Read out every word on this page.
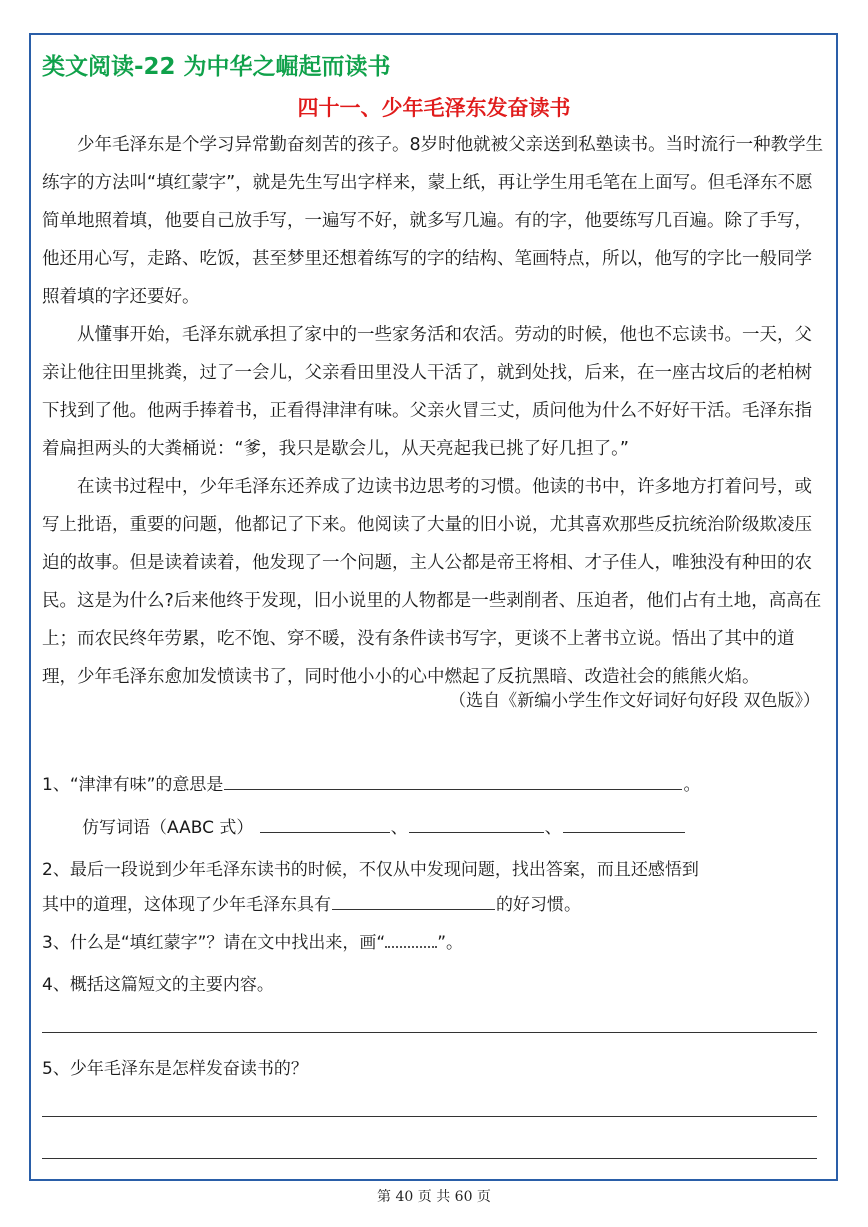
类文阅读-22 为中华之崛起而读书
四十一、少年毛泽东发奋读书

少年毛泽东是个学习异常勤奋刻苦的孩子。8岁时他就被父亲送到私塾读书。当时流行一种教学生练字的方法叫“填红蒙字”，就是先生写出字样来，蒙上纸，再让学生用毛笔在上面写。但毛泽东不愿简单地照着填，他要自己放手写，一遍写不好，就多写几遍。有的字，他要练写几百遍。除了手写，他还用心写，走路、吃饭，甚至梦里还想着练写的字的结构、笔画特点，所以，他写的字比一般同学照着填的字还要好。

从懂事开始，毛泽东就承担了家中的一些家务活和农活。劳动的时候，他也不忘读书。一天，父亲让他往田里挑粪，过了一会儿，父亲看田里没人干活了，就到处找，后来，在一座古坟后的老柏树下找到了他。他两手捧着书，正看得津津有味。父亲火冒三丈，质问他为什么不好好干活。毛泽东指着扁担两头的大粪桶说：“爹，我只是歇会儿，从天亮起我已挑了好几担了。”

在读书过程中，少年毛泽东还养成了边读书边思考的习惯。他读的书中，许多地方打着问号，或写上批语，重要的问题，他都记了下来。他阅读了大量的旧小说，尤其喜欢那些反抗统治阶级欺凌压迫的故事。但是读着读着，他发现了一个问题，主人公都是帝王将相、才子佳人，唯独没有种田的农民。这是为什么?后来他终于发现，旧小说里的人物都是一些剥削者、压迫者，他们占有土地，高高在上；而农民终年劳累，吃不饱、穿不暖，没有条件读书写字，更谈不上著书立说。悟出了其中的道理，少年毛泽东愈加发愤读书了，同时他小小的心中燃起了反抗黑暗、改造社会的熊熊火焰。

（选自《新编小学生作文好词好句好段 双色版》）
1、“津津有味”的意思是	。
仿写词语（AABC 式）	、	、
2、最后一段说到少年毛泽东读书的时候，不仅从中发现问题，找出答案，而且还感悟到
其中的道理，这体现了少年毛泽东具有	的好习惯。
3、什么是“填红蒙字”？请在文中找出来，画“	”。
4、概括这篇短文的主要内容。
5、少年毛泽东是怎样发奋读书的？
第 40 页 共 60 页
